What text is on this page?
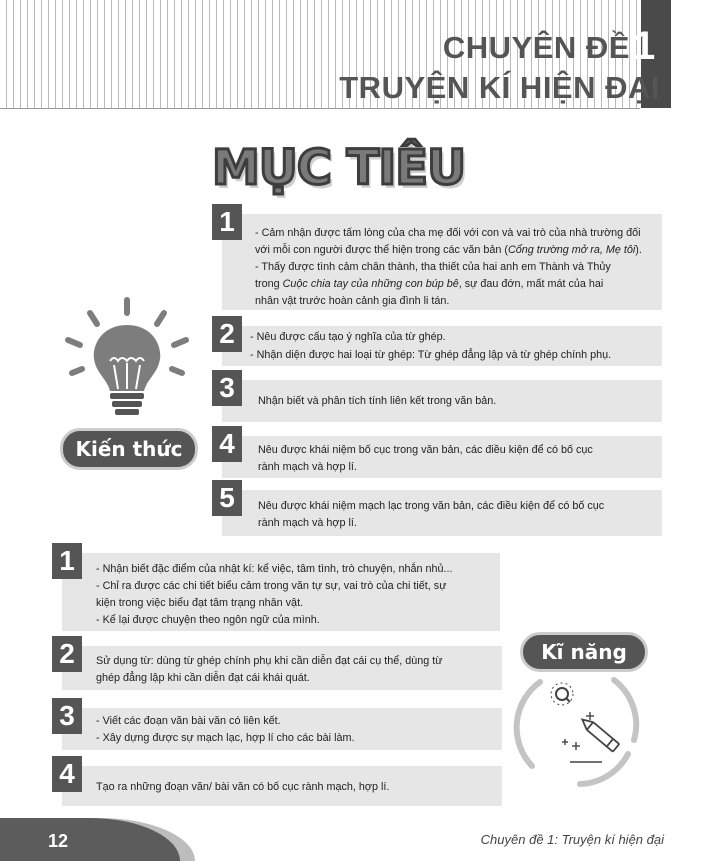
CHUYÊN ĐỀ 1
TRUYỆN KÍ HIỆN ĐẠI
MỤC TIÊU
Kiến thức
1	- Cảm nhận được tấm lòng của cha mẹ đối với con và vai trò của nhà trường đối

với mỗi con người được thể hiện trong các văn bản (Cổng trường mở ra, Mẹ tôi).

- Thấy được tình cảm chân thành, tha thiết của hai anh em Thành và Thủy

trong Cuộc chia tay của những con búp bê, sự đau đớn, mất mát của hai

nhân vật trước hoàn cảnh gia đình li tán.

2	- Nêu được cấu tạo ý nghĩa của từ ghép.

- Nhận diện được hai loại từ ghép: Từ ghép đẳng lập và từ ghép chính phụ.

3	Nhận biết và phân tích tính liên kết trong văn bản.
4	Nêu được khái niệm bố cục trong văn bản, các điều kiện để có bố cục

rành mạch và hợp lí.

5	Nêu được khái niệm mạch lạc trong văn bản, các điều kiện để có bố cục

rành mạch và hợp lí.

1	- Nhận biết đặc điểm của nhật kí: kể việc, tâm tình, trò chuyện, nhắn nhủ...

- Chỉ ra được các chi tiết biểu cảm trong văn tự sự, vai trò của chi tiết, sự

kiện trong việc biểu đạt tâm trạng nhân vật.

- Kể lại được chuyện theo ngôn ngữ của mình.

2	Sử dụng từ: dùng từ ghép chính phụ khi cần diễn đạt cái cụ thể, dùng từ

ghép đẳng lập khi cần diễn đạt cái khái quát.

3	- Viết các đoạn văn bài văn có liên kết.

- Xây dựng được sự mạch lạc, hợp lí cho các bài làm.

4	Tạo ra những đoạn văn/ bài văn có bố cục rành mạch, hợp lí.
Kĩ năng
12	Chuyên đề 1: Truyện kí hiện đại
